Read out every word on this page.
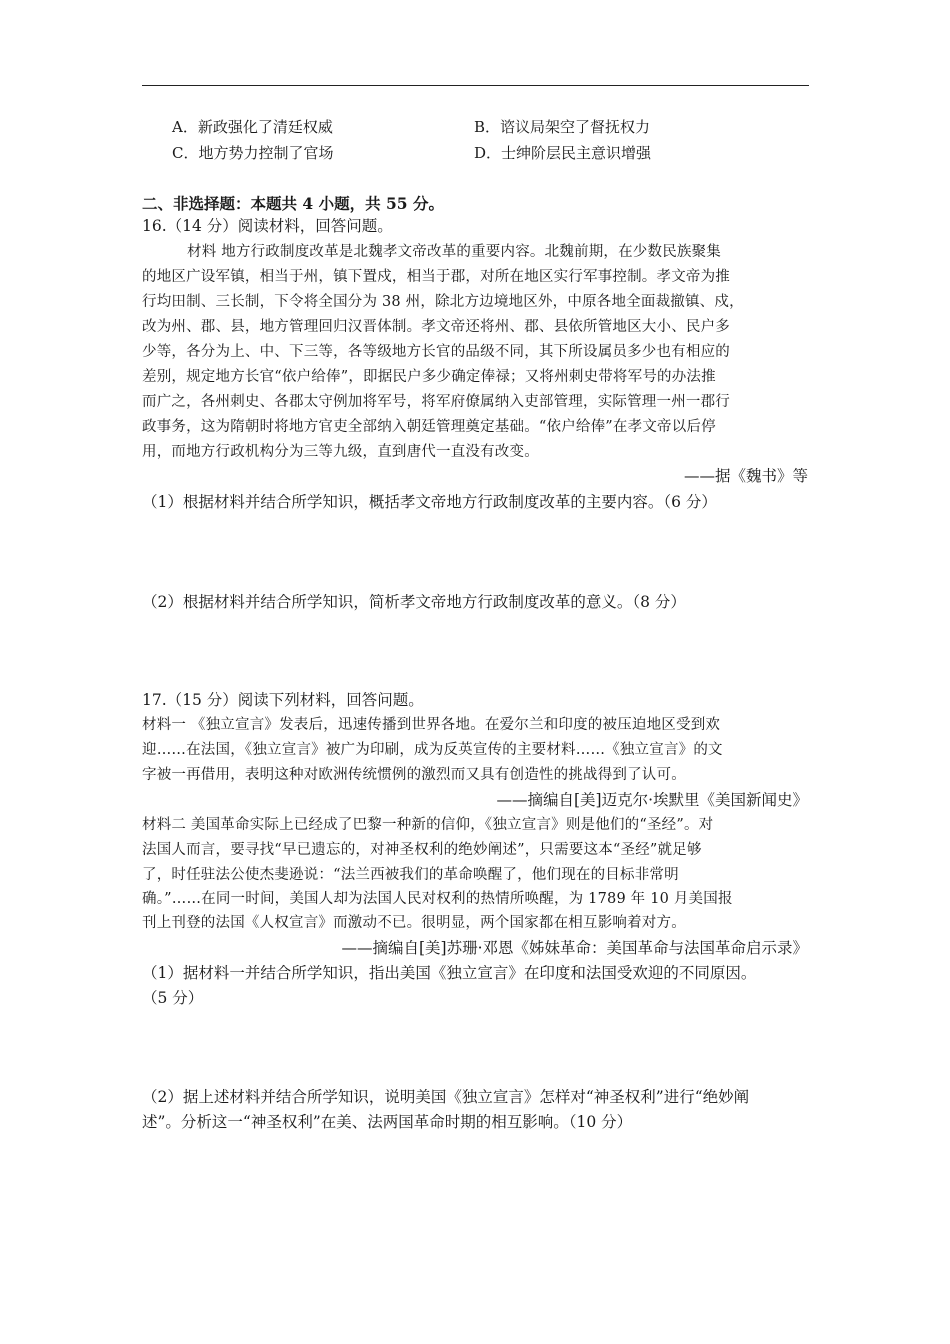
A．新政强化了清廷权威	B．谘议局架空了督抚权力
C．地方势力控制了官场	D．士绅阶层民主意识增强
二、非选择题：本题共 4 小题，共 55 分。
16.（14 分）阅读材料，回答问题。
材料 地方行政制度改革是北魏孝文帝改革的重要内容。北魏前期，在少数民族聚集
的地区广设军镇，相当于州，镇下置戍，相当于郡，对所在地区实行军事控制。孝文帝为推
行均田制、三长制，下令将全国分为 38 州，除北方边境地区外，中原各地全面裁撤镇、戍，
改为州、郡、县，地方管理回归汉晋体制。孝文帝还将州、郡、县依所管地区大小、民户多
少等，各分为上、中、下三等，各等级地方长官的品级不同，其下所设属员多少也有相应的
差别，规定地方长官“依户给俸”，即据民户多少确定俸禄；又将州刺史带将军号的办法推
而广之，各州刺史、各郡太守例加将军号，将军府僚属纳入吏部管理，实际管理一州一郡行
政事务，这为隋朝时将地方官吏全部纳入朝廷管理奠定基础。“依户给俸”在孝文帝以后停
用，而地方行政机构分为三等九级，直到唐代一直没有改变。
——据《魏书》等
（1）根据材料并结合所学知识，概括孝文帝地方行政制度改革的主要内容。（6 分）
（2）根据材料并结合所学知识，简析孝文帝地方行政制度改革的意义。（8 分）
17.（15 分）阅读下列材料，回答问题。
材料一 《独立宣言》发表后，迅速传播到世界各地。在爱尔兰和印度的被压迫地区受到欢
迎……在法国，《独立宣言》被广为印刷，成为反英宣传的主要材料……《独立宣言》的文
字被一再借用，表明这种对欧洲传统惯例的激烈而又具有创造性的挑战得到了认可。
——摘编自[美]迈克尔·埃默里《美国新闻史》
材料二 美国革命实际上已经成了巴黎一种新的信仰，《独立宣言》则是他们的“圣经”。对
法国人而言，要寻找“早已遗忘的，对神圣权利的绝妙阐述”，只需要这本“圣经”就足够
了，时任驻法公使杰斐逊说：“法兰西被我们的革命唤醒了，他们现在的目标非常明
确。”……在同一时间，美国人却为法国人民对权利的热情所唤醒，为 1789 年 10 月美国报
刊上刊登的法国《人权宣言》而激动不已。很明显，两个国家都在相互影响着对方。
——摘编自[美]苏珊·邓恩《姊妹革命：美国革命与法国革命启示录》
（1）据材料一并结合所学知识，指出美国《独立宣言》在印度和法国受欢迎的不同原因。
（5 分）
（2）据上述材料并结合所学知识，说明美国《独立宣言》怎样对“神圣权利”进行“绝妙阐
述”。分析这一“神圣权利”在美、法两国革命时期的相互影响。（10 分）
